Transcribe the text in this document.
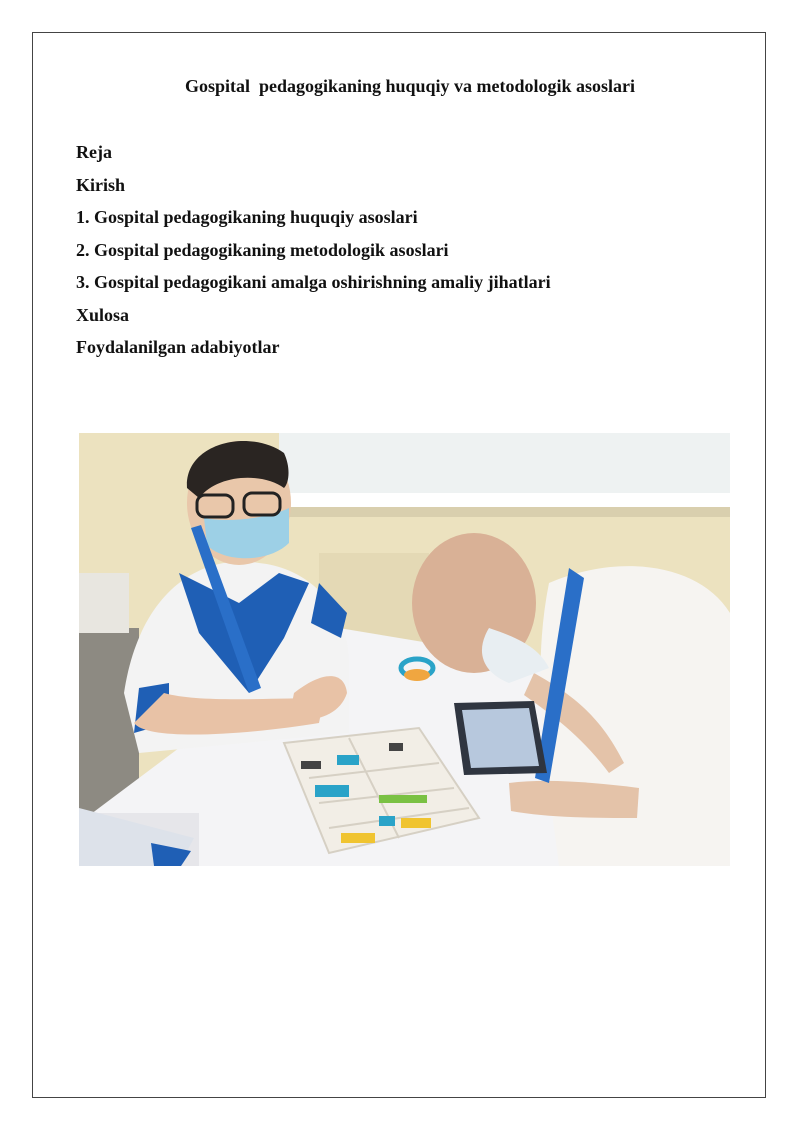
Gospital  pedagogikaning huquqiy va metodologik asoslari
Reja
Kirish
1. Gospital pedagogikaning huquqiy asoslari
2. Gospital pedagogikaning metodologik asoslari
3. Gospital pedagogikani amalga oshirishning amaliy jihatlari
Xulosa
Foydalanilgan adabiyotlar
